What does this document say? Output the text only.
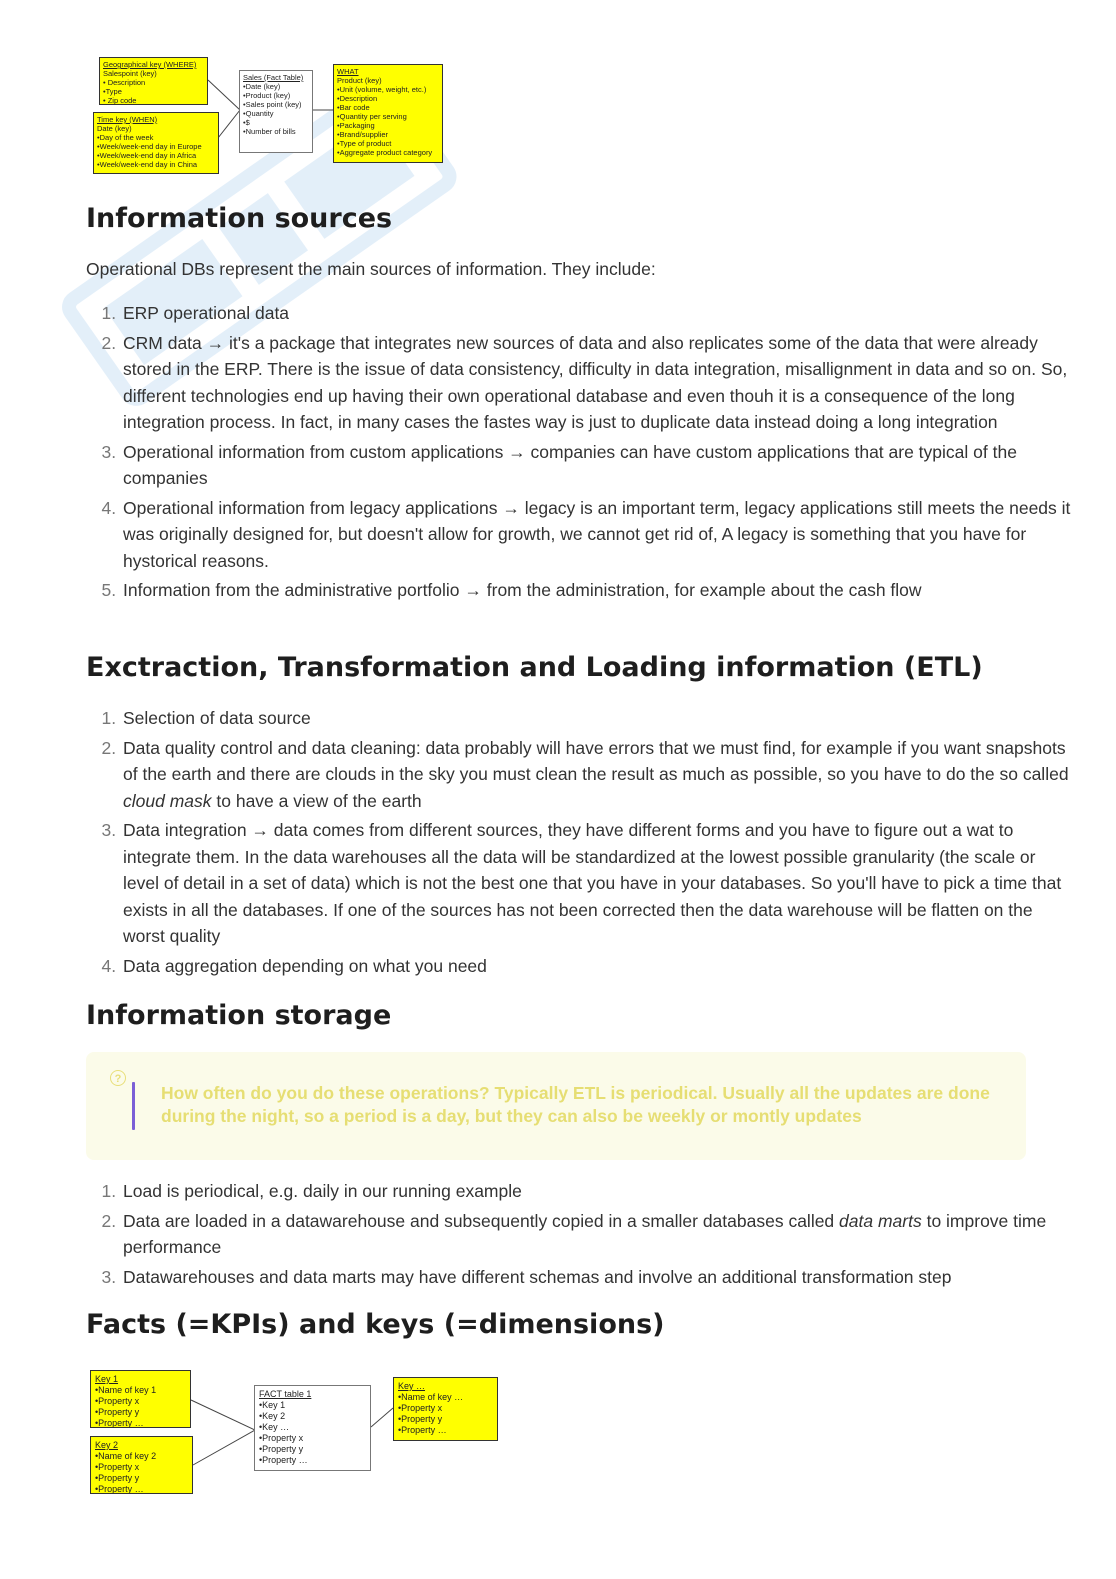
Geographical key (WHERE)
Salespoint (key)
• Description
•Type
• Zip code
Time key (WHEN)
Date (key)
•Day of the week
•Week/week-end day in Europe
•Week/week-end day in Africa
•Week/week-end day in China
Sales (Fact Table)
•Date (key)
•Product (key)
•Sales point (key)
•Quantity
•$
•Number of bills
WHAT
Product (key)
•Unit (volume, weight, etc.)
•Description
•Bar code
•Quantity per serving
•Packaging
•Brand/supplier
•Type of product
•Aggregate product category
Information sources

Operational DBs represent the main sources of information. They include:

1. ERP operational data
2. CRM data → it's a package that integrates new sources of data and also replicates some of the data that were already stored in the ERP. There is the issue of data consistency, difficulty in data integration, misallignment in data and so on. So, different technologies end up having their own operational database and even thouh it is a consequence of the long integration process. In fact, in many cases the fastes way is just to duplicate data instead doing a long integration
3. Operational information from custom applications → companies can have custom applications that are typical of the companies
4. Operational information from legacy applications → legacy is an important term, legacy applications still meets the needs it was originally designed for, but doesn't allow for growth, we cannot get rid of, A legacy is something that you have for hystorical reasons.
5. Information from the administrative portfolio → from the administration, for example about the cash flow
Exctraction, Transformation and Loading information (ETL)
1. Selection of data source
2. Data quality control and data cleaning: data probably will have errors that we must find, for example if you want snapshots of the earth and there are clouds in the sky you must clean the result as much as possible, so you have to do the so called cloud mask to have a view of the earth
3. Data integration → data comes from different sources, they have different forms and you have to figure out a wat to integrate them. In the data warehouses all the data will be standardized at the lowest possible granularity (the scale or level of detail in a set of data) which is not the best one that you have in your databases. So you'll have to pick a time that exists in all the databases. If one of the sources has not been corrected then the data warehouse will be flatten on the worst quality
4. Data aggregation depending on what you need
Information storage
?
How often do you do these operations? Typically ETL is periodical. Usually all the updates are done during the night, so a period is a day, but they can also be weekly or montly updates
1. Load is periodical, e.g. daily in our running example
2. Data are loaded in a datawarehouse and subsequently copied in a smaller databases called data marts to improve time performance
3. Datawarehouses and data marts may have different schemas and involve an additional transformation step
Facts (=KPIs) and keys (=dimensions)
Key 1
•Name of key 1
•Property x
•Property y
•Property …
Key 2
•Name of key 2
•Property x
•Property y
•Property …
FACT table 1
•Key 1
•Key 2
•Key …
•Property x
•Property y
•Property …
Key …
•Name of key …
•Property x
•Property y
•Property …
